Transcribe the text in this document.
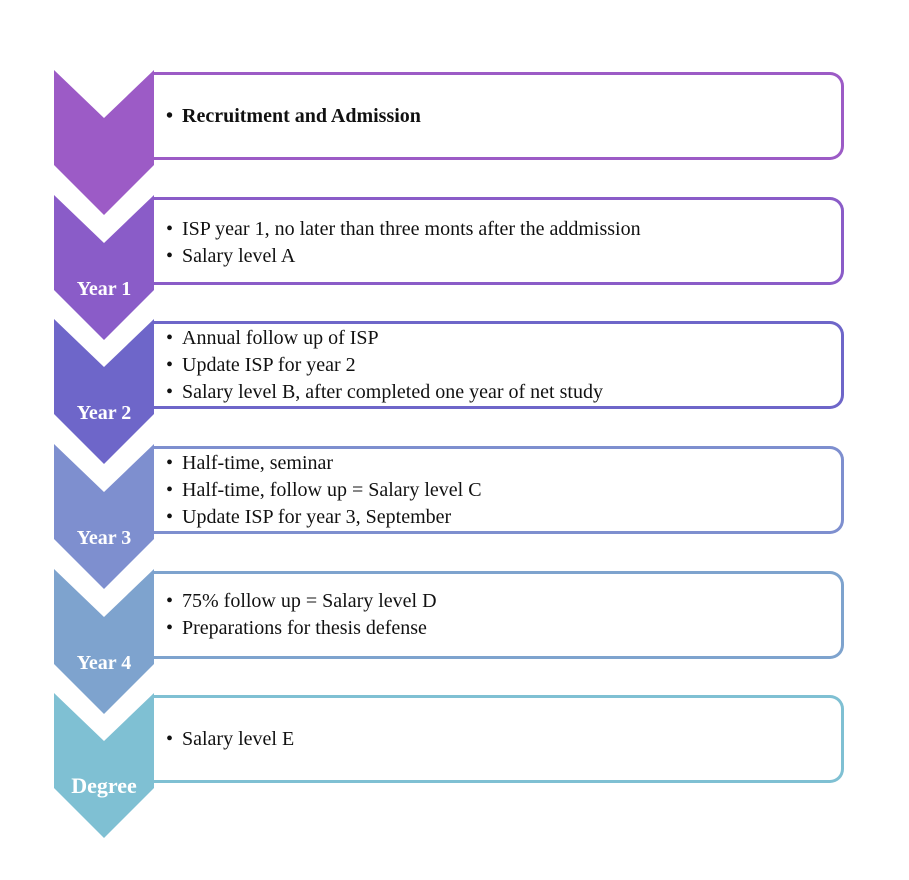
• Recruitment and Admission
Year 1
• ISP year 1, no later than three monts after the addmission
• Salary level A
Year 2
• Annual follow up of ISP
• Update ISP for year 2
• Salary level B, after completed one year of net study
Year 3
• Half-time, seminar
• Half-time, follow up = Salary level C
• Update ISP for year 3, September
Year 4
• 75% follow up = Salary level D
• Preparations for thesis defense
Degree
• Salary level E
